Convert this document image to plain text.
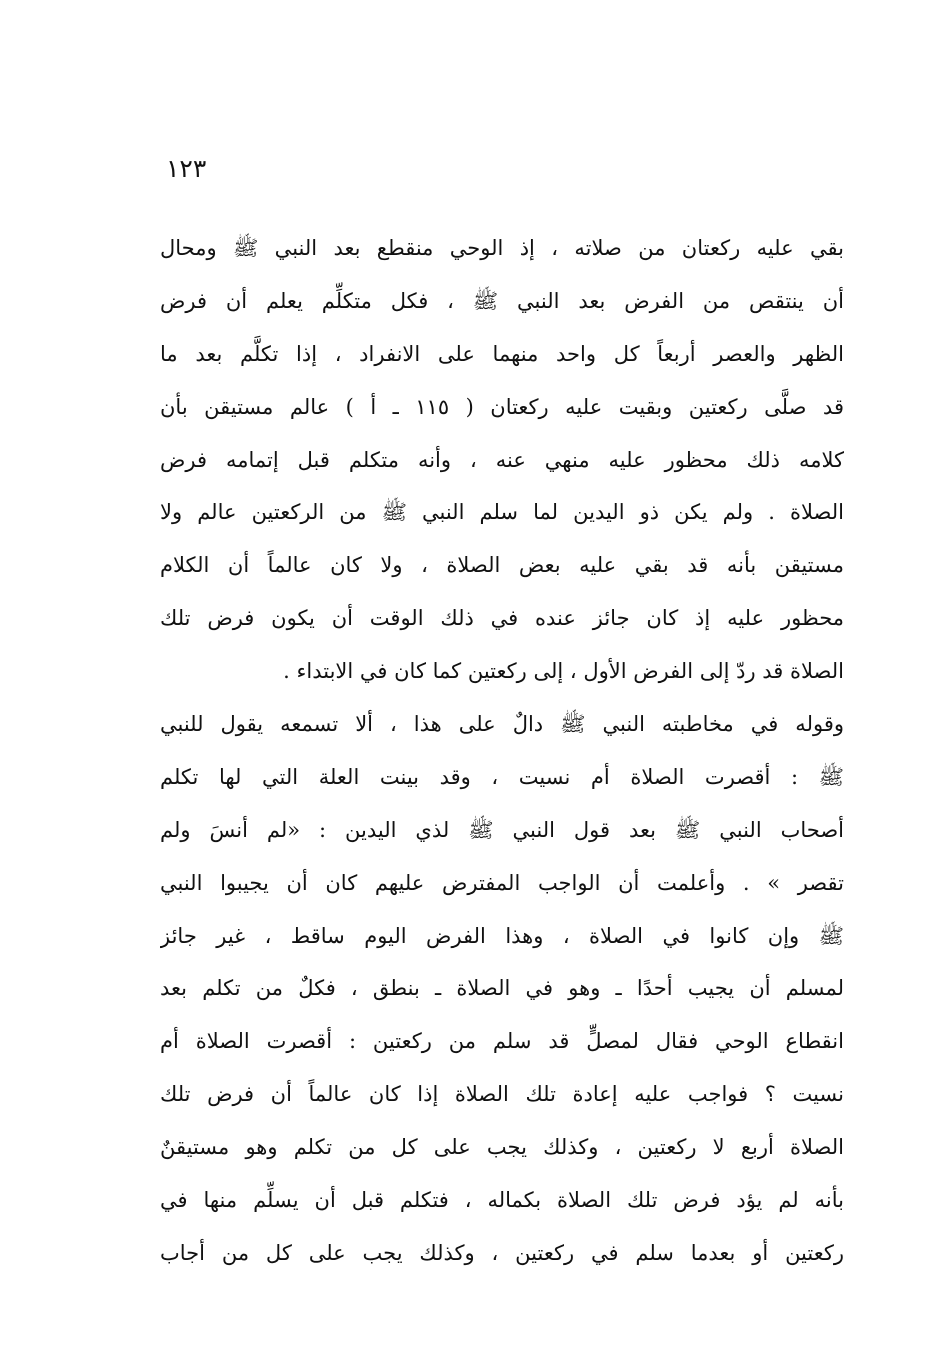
١٢٣
بقي عليه ركعتان من صلاته ، إذ الوحي منقطع بعد النبي ﷺ ومحال
أن ينتقص من الفرض بعد النبي ﷺ ، فكل متكلِّم يعلم أن فرض
الظهر والعصر أربعاً كل واحد منهما على الانفراد ، إذا تكلَّم بعد ما
قد صلَّى ركعتين وبقيت عليه ركعتان ( ١١٥ ـ أ ) عالم مستيقن بأن
كلامه ذلك محظور عليه منهي عنه ، وأنه متكلم قبل إتمامه فرض
الصلاة . ولم يكن ذو اليدين لما سلم النبي ﷺ من الركعتين عالم ولا
مستيقن بأنه قد بقي عليه بعض الصلاة ، ولا كان عالماً أن الكلام
محظور عليه إذ كان جائز عنده في ذلك الوقت أن يكون فرض تلك
الصلاة قد ردّ إلى الفرض الأول ، إلى ركعتين كما كان في الابتداء .
وقوله في مخاطبته النبي ﷺ دالٌ على هذا ، ألا تسمعه يقول للنبي
ﷺ : أقصرت الصلاة أم نسيت ، وقد بينت العلة التي لها تكلم
أصحاب النبي ﷺ بعد قول النبي ﷺ لذي اليدين : «لم أنسَ ولم
تقصر » . وأعلمت أن الواجب المفترض عليهم كان أن يجيبوا النبي
ﷺ وإن كانوا في الصلاة ، وهذا الفرض اليوم ساقط ، غير جائز
لمسلم أن يجيب أحدًا ـ وهو في الصلاة ـ بنطق ، فكلٌ من تكلم بعد
انقطاع الوحي فقال لمصلٍّ قد سلم من ركعتين : أقصرت الصلاة أم
نسيت ؟ فواجب عليه إعادة تلك الصلاة إذا كان عالماً أن فرض تلك
الصلاة أربع لا ركعتين ، وكذلك يجب على كل من تكلم وهو مستيقنٌ
بأنه لم يؤد فرض تلك الصلاة بكماله ، فتكلم قبل أن يسلِّم منها في
ركعتين أو بعدما سلم في ركعتين ، وكذلك يجب على كل من أجاب
